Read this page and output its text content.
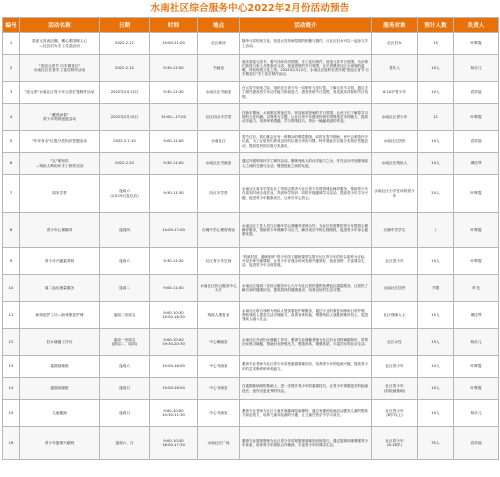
水南社区综合服务中心2022年2月份活动预告
编号	活动名称	日期	时间	地点	活动简介	服务对象	预计人数	负责人
1	喜迎元宵表活圈，螺心系国缘人心
—社区妇女手工灵竞活动	2022.2.12	19:00-21:00	社区新房	随李元宵传统文化，营造元宵热闹氛围的相聚与邀约，让社区妇女可以一起参与手工活动。	社区妇女	15	叶辉霞
2	"喜迎元宵节 巧手做花灯"
水南社区长者手工花灯制作活动	2022.2.12	9:30-11:00	书画室	欢乐喜迎元宵节，看气冲冲洋洋团圆，手工花灯制作，营造元宵节日氛围，为长辈们营造与家人共度欢乐元宵，营造喜悦的节日氛围，让长者感受社区大家庭的温暖，体验传统文化之美。2022年2月12日，水南社区组织长者开展"喜迎元宵节 巧手做花灯"手工花灯制作活动。	老年人	10人	杨乐儿
3	"迎元宵"水南社区青少年元宵灯笼制作活动	2022年2月13日	9:30-11:30	水南社区书画室	在元宵节到来之际，组织社区青少年一同制作元宵灯笼，了解元宵节习俗，通过手工制作提高青少年动手能力和创造力，感受传统节日氛围，营造欢乐祥和的节日氛围。	6-10岁青少年	10人	袁祥福
4	"藏虎添春"
青少年剪纸创意活动	2022年2月15日	15:00—17:00	社区四点半学堂	在新年期间，大家都在准备过年，营造和美热闹的节日氛围，让孩子们了解春节习俗的文化内涵。以剪纸为主题，让社区青少年感受传统中国剪纸艺术的魅力，提高动手能力，培养审美情趣，学习剪纸技巧，剪出一幅幅美丽的作品。	水南社区青少年	12	叶辉霞
5	"年年有余"垃圾分类知识答题活动	2022.2.7-10	9:00-11:00	水南社区	春节过后，我们都会在有一堆剩余的剩菜剩饭，同时在春节期间，家中会制造许多垃圾，为了让居民们养成良好的垃圾分类的习惯，特开展此次垃圾分类知识答题活动，提高居民的垃圾分类意识。	水南社区居民	10人	袁祥福
6	"礼"事有你
—残疾人利用环手工制作活动	2022.2.20	9:30-11:00	水南社区书画室	通过开展利用环手工制作活动，锻炼残疾人的动手能力之余，并在活动中加强残疾人之间的交流与互动，增进彼此之间的友谊。	水南社区残疾人	10人	谭佳琴
7	周末学堂	逢周六
(2月19日及以后)	9:30-11:30	四点半学堂	水南社区周末学堂由社工带领志愿者为社区青少年提供课业辅导服务，帮助青少年在周末时间完成作业，巩固所学知识，同时开展趣味学习活动，提高青少年学习兴趣，促进青少年健康成长，让家长安心放心。	水南社区小学在读的青少年	20人	叶辉霞
8	青少年心理辅导	逢周四	14:00-17:00	石碣中学心理咨询室	水南社区工作人员与石碣中学心理辅导老师合作，为社区有需要的青少年提供心理辅导服务，帮助青少年缓解学习压力，解决成长中的心理困扰，促进青少年身心健康发展。	石碣中学学生	/	叶辉霞
9	青少年兴趣素养班	逢周六	9:30-11:30	社区青少年空间	"同威衬进，趣味相伴"青少年线下趣味课堂以提升社区青少年的综合素养为目标，开设多种兴趣课程，让青少年在课余时间发展兴趣爱好，拓宽视野，丰富课余生活，促进青少年全面发展。	社区青少年	15人	叶辉霞
10	周二血压测量服务	逢周二	9:00-11:00	水南社区综合服务中心大厅	水南社区逢周二在综合服务中心大厅为社区居民提供免费血压测量服务，让居民了解自身的健康状况，提高居民的健康意识，培养良好的生活习惯。	水南社区居民	不限	叶龙
11	助残庇护工坊—助残康复护理	逢周二至周五	9:00-10:30
15:00-16:30	残疾人康复室	水南社区联合残联为残疾人提供康复护理服务，通过专业的康复训练和日常护理，帮助残疾人提高生活自理能力，改善身体机能，增强残疾人战胜困难的信心，促进残疾人融入社会。	社区残障人士	15人	谭佳琴
12	妇女瑜伽工作坊	逢周一至周五
(除周二、周四)	9:00-10:00
19:30-20:30	中心舞蹈室	水南社区开设妇女瑜伽工作坊，邀请专业瑜伽老师为社区妇女讲授瑜伽知识，带领妇女练习瑜伽，帮助妇女舒缓压力，塑造形体，增强体质，丰富妇女的业余生活。	社区女性	15人	杨乐儿
13	素描基础班	逢周六	15:00-16:00	中心书画室	邀请专业老师为社区青少年讲授素描基础知识，培养青少年的绘画兴趣，提高青少年的艺术修养和审美能力。	社区青少年	10人	叶辉霞
14	素描高级班	逢周日	15:00-16:00	中心书画室	在素描基础班的基础上，进一步提升青少年的素描技巧，让青少年掌握更多的绘画技法，创作出更优秀的作品。	社区青少年
(有绘画基础)	10人	叶辉霞
15	儿童趣画	逢周日	9:00-10:00
10:30-11:30	中心书画室	邀请专业老师为社区儿童开展趣味绘画课程，通过有趣的绘画活动激发儿童的想象力和创造力，培养儿童对绘画的兴趣，让儿童在快乐中学习成长。	社区青少年
(6岁以上)	10人	杨乐儿
16	青少年篮球兴趣班	逢周六、日	9:00-10:30
16:00-17:30	水南社区广场	邀请专业篮球教练为社区青少年讲授篮球基础知识和技巧，通过篮球训练增强青少年体质，培养青少年团队合作精神，丰富青少年的课余生活。	社区青少年
(6-18岁)	35人	袁祥福
